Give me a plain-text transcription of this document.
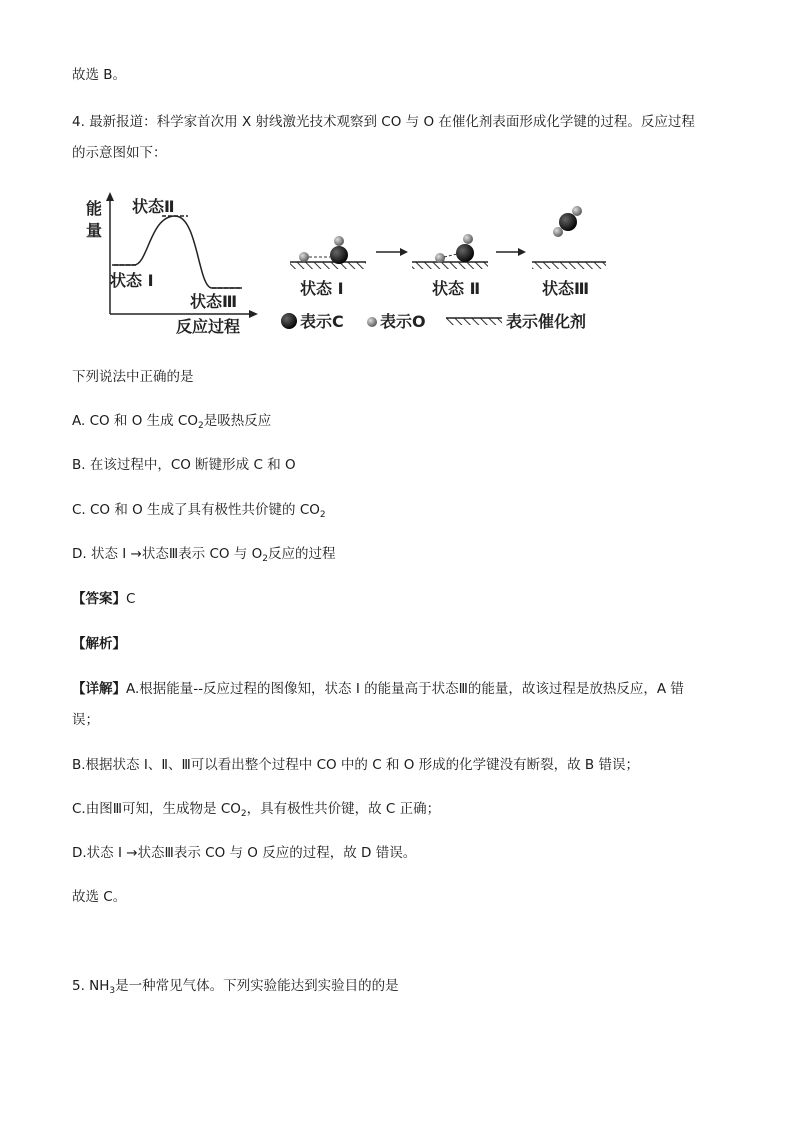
故选 B。
4. 最新报道：科学家首次用 X 射线激光技术观察到 CO 与 O 在催化剂表面形成化学键的过程。反应过程
的示意图如下：
能
量
状态 Ⅰ
状态Ⅱ
状态Ⅲ
反应过程
状态 Ⅰ	状态 Ⅱ	状态Ⅲ
表示C 表示O	表示催化剂
下列说法中正确的是
A. CO 和 O 生成 $CO_2$是吸热反应
B. 在该过程中，CO 断键形成 C 和 O
C. CO 和 O 生成了具有极性共价键的 $CO_2$
D. 状态 Ⅰ →状态Ⅲ表示 CO 与 $O_2$反应的过程
【答案】C
【解析】
【详解】A.根据能量--反应过程的图像知，状态 I 的能量高于状态Ⅲ的能量，故该过程是放热反应，A 错
误；
B.根据状态 I、Ⅱ、Ⅲ可以看出整个过程中 CO 中的 C 和 O 形成的化学键没有断裂，故 B 错误；
C.由图Ⅲ可知，生成物是 $CO_2$，具有极性共价键，故 C 正确；
D.状态 Ⅰ →状态Ⅲ表示 CO 与 O 反应的过程，故 D 错误。
故选 C。
5. $NH_3$是一种常见气体。下列实验能达到实验目的的是
